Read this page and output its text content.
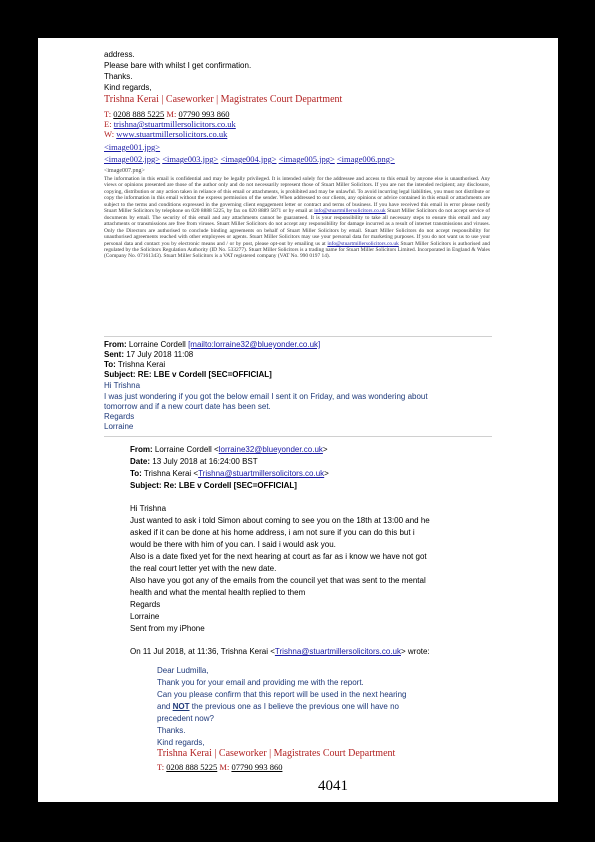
address.
Please bare with whilst I get confirmation.
Thanks.
Kind regards,
Trishna Kerai | Caseworker | Magistrates Court Department
T: 0208 888 5225 M: 07790 993 860
E: trishna@stuartmillersolicitors.co.uk
W: www.stuartmillersolicitors.co.uk
<image001.jpg>
<image002.jpg> <image003.jpg> <image004.jpg> <image005.jpg> <image006.png>
<image007.png>
The information in this email is confidential and may be legally privileged. It is intended solely for the addressee and access to this email by anyone else is unauthorised. Any views or opinions presented are those of the author only and do not necessarily represent those of Stuart Miller Solicitors. If you are not the intended recipient; any disclosure, copying, distribution or any action taken in reliance of this email or attachments, is prohibited and may be unlawful. To avoid incurring legal liabilities, you must not distribute or copy the information in this email without the express permission of the sender. When addressed to our clients, any opinions or advice contained in this email or attachments are subject to the terms and conditions expressed in the governing client engagement letter or contract and terms of business. If you have received this email in error please notify Stuart Miller Solicitors by telephone on 020 8888 5225, by fax on 020 8889 5871 or by email at info@stuartmillersolicitors.co.uk Stuart Miller Solicitors do not accept service of documents by email. The security of this email and any attachments cannot be guaranteed. It is your responsibility to take all necessary steps to ensure this email and any attachments or transmissions are free from viruses. Stuart Miller Solicitors do not accept any responsibility for damage incurred as a result of internet transmissions and viruses. Only the Directors are authorised to conclude binding agreements on behalf of Stuart Miller Solicitors by email. Stuart Miller Solicitors do not accept responsibility for unauthorised agreements reached with other employees or agents. Stuart Miller Solicitors may use your personal data for marketing purposes. If you do not want us to use your personal data and contact you by electronic means and / or by post, please opt-out by emailing us at info@stuartmillersolicitors.co.uk Stuart Miller Solicitors is authorised and regulated by the Solicitors Regulation Authority (ID No. 533277). Stuart Miller Solicitors is a trading name for Stuart Miller Solicitors Limited. Incorporated in England & Wales (Company No. 07161343). Stuart Miller Solicitors is a VAT registered company (VAT No. 990 0197 14).
From: Lorraine Cordell [mailto:lorraine32@blueyonder.co.uk]
Sent: 17 July 2018 11:08
To: Trishna Kerai
Subject: RE: LBE v Cordell [SEC=OFFICIAL]
Hi Trishna
I was just wondering if you got the below email I sent it on Friday, and was wondering about
tomorrow and if a new court date has been set.
Regards
Lorraine
From: Lorraine Cordell <lorraine32@blueyonder.co.uk>
Date: 13 July 2018 at 16:24:00 BST
To: Trishna Kerai <Trishna@stuartmillersolicitors.co.uk>
Subject: Re: LBE v Cordell [SEC=OFFICIAL]
Hi Trishna
Just wanted to ask i told Simon about coming to see you on the 18th at 13:00 and he
asked if it can be done at his home address, i am not sure if you can do this but i
would be there with him of you can. I said i would ask you.
Also is a date fixed yet for the next hearing at court as far as i know we have not got
the real court letter yet with the new date.
Also have you got any of the emails from the council yet that was sent to the mental
health and what the mental health replied to them
Regards
Lorraine
Sent from my iPhone
On 11 Jul 2018, at 11:36, Trishna Kerai <Trishna@stuartmillersolicitors.co.uk> wrote:
Dear Ludmilla,
Thank you for your email and providing me with the report.
Can you please confirm that this report will be used in the next hearing
and NOT the previous one as I believe the previous one will have no
precedent now?
Thanks.
Kind regards,
Trishna Kerai | Caseworker | Magistrates Court Department
T: 0208 888 5225 M: 07790 993 860
4041
